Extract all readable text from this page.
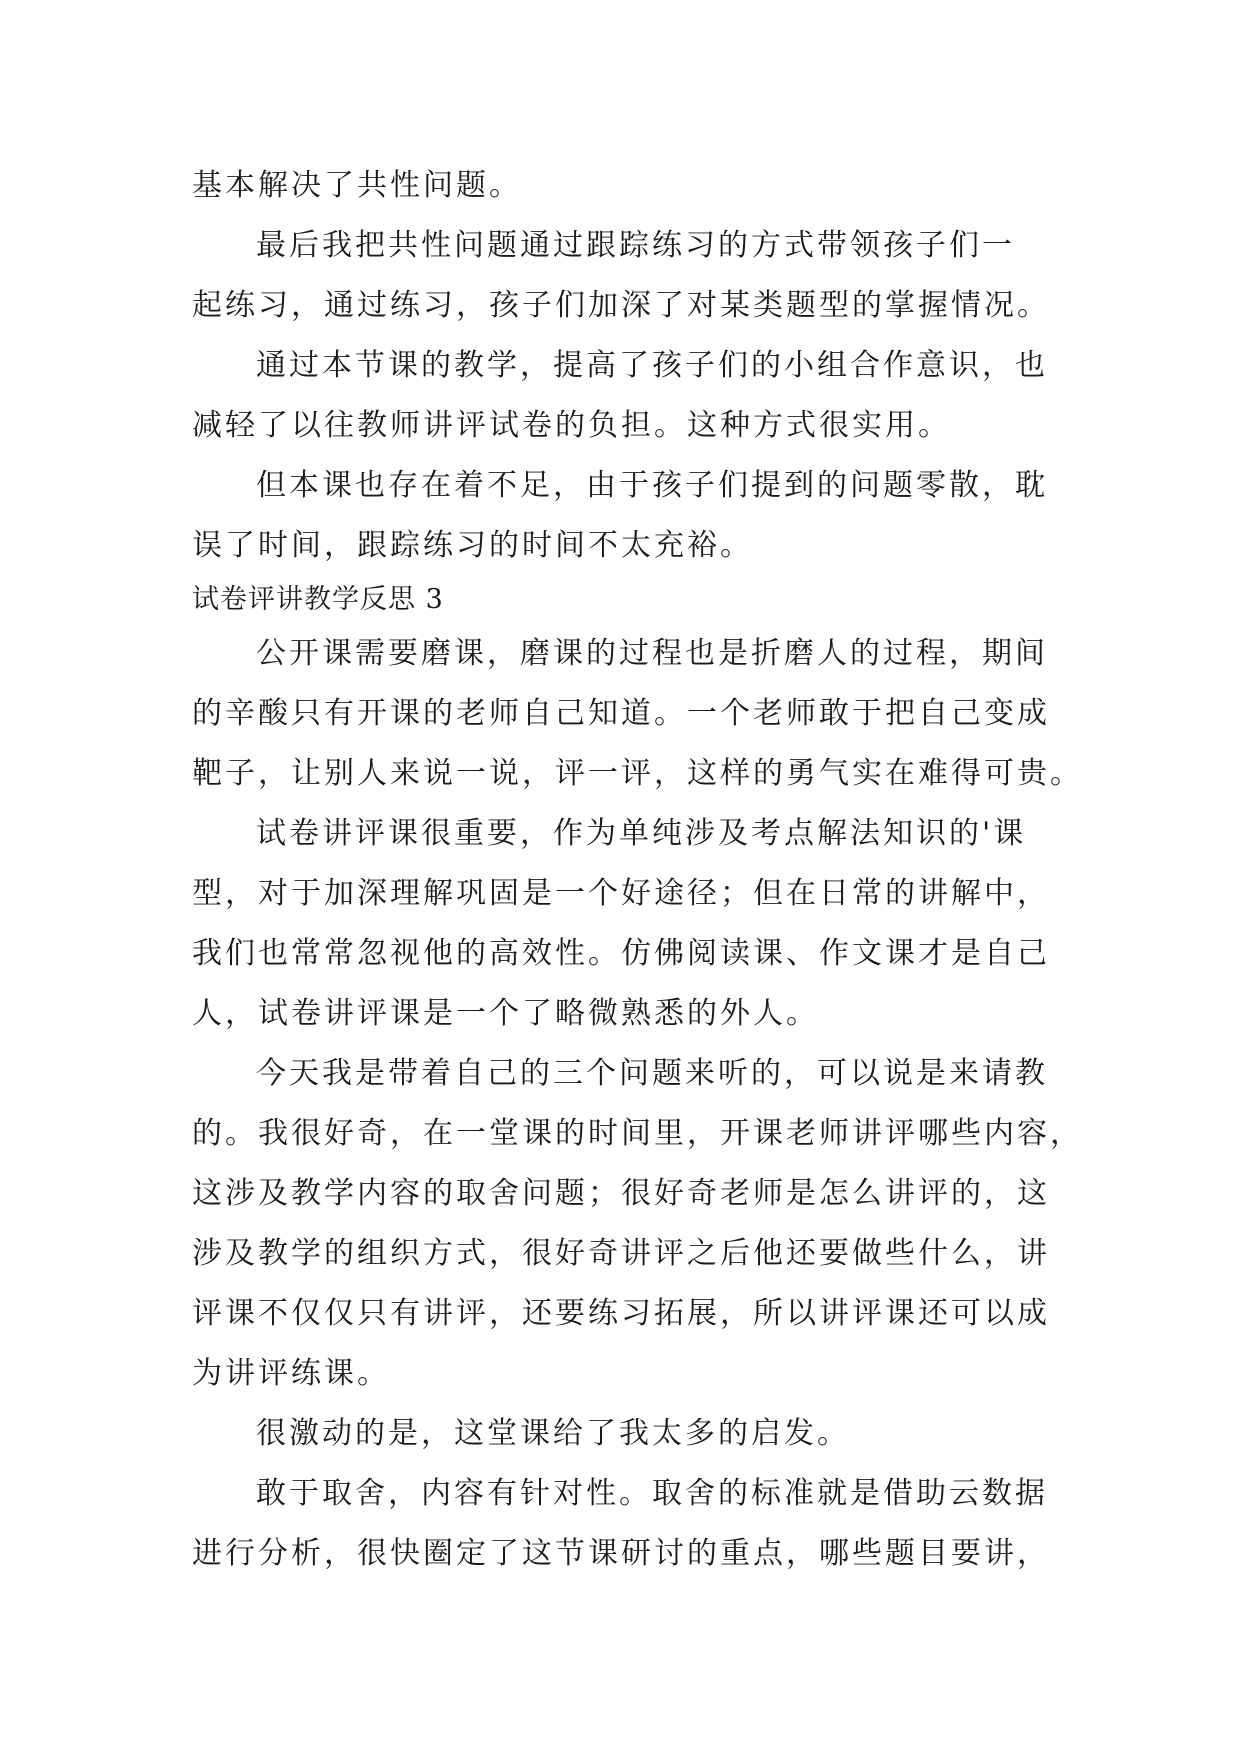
基本解决了共性问题。

最后我把共性问题通过跟踪练习的方式带领孩子们一

起练习，通过练习，孩子们加深了对某类题型的掌握情况。

通过本节课的教学，提高了孩子们的小组合作意识，也

减轻了以往教师讲评试卷的负担。这种方式很实用。

但本课也存在着不足，由于孩子们提到的问题零散，耽

误了时间，跟踪练习的时间不太充裕。

试卷评讲教学反思 3

公开课需要磨课，磨课的过程也是折磨人的过程，期间

的辛酸只有开课的老师自己知道。一个老师敢于把自己变成

靶子，让别人来说一说，评一评，这样的勇气实在难得可贵。

试卷讲评课很重要，作为单纯涉及考点解法知识的'课

型，对于加深理解巩固是一个好途径；但在日常的讲解中，

我们也常常忽视他的高效性。仿佛阅读课、作文课才是自己

人，试卷讲评课是一个了略微熟悉的外人。

今天我是带着自己的三个问题来听的，可以说是来请教

的。我很好奇，在一堂课的时间里，开课老师讲评哪些内容，

这涉及教学内容的取舍问题；很好奇老师是怎么讲评的，这

涉及教学的组织方式，很好奇讲评之后他还要做些什么，讲

评课不仅仅只有讲评，还要练习拓展，所以讲评课还可以成

为讲评练课。

很激动的是，这堂课给了我太多的启发。

敢于取舍，内容有针对性。取舍的标准就是借助云数据

进行分析，很快圈定了这节课研讨的重点，哪些题目要讲，
